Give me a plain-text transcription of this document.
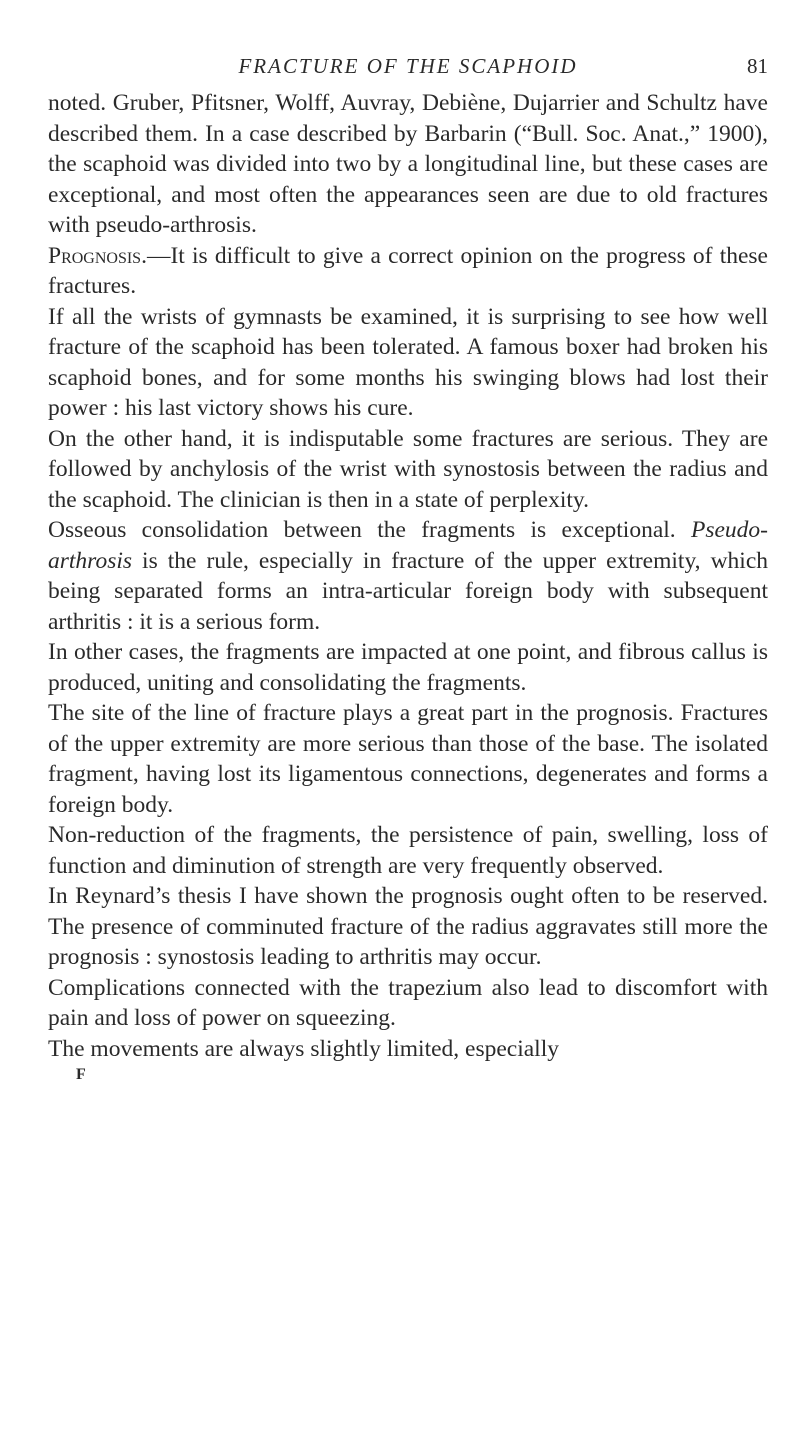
FRACTURE OF THE SCAPHOID	81

noted. Gruber, Pfitsner, Wolff, Auvray, Debiène, Dujarrier and Schultz have described them. In a case described by Barbarin (“Bull. Soc. Anat.,” 1900), the scaphoid was divided into two by a longitudinal line, but these cases are exceptional, and most often the appearances seen are due to old fractures with pseudo-arthrosis.

Prognosis.—It is difficult to give a correct opinion on the progress of these fractures.

If all the wrists of gymnasts be examined, it is surprising to see how well fracture of the scaphoid has been tolerated. A famous boxer had broken his scaphoid bones, and for some months his swinging blows had lost their power : his last victory shows his cure.

On the other hand, it is indisputable some fractures are serious. They are followed by anchylosis of the wrist with synostosis between the radius and the scaphoid. The clinician is then in a state of perplexity.

Osseous consolidation between the fragments is exceptional. Pseudo-arthrosis is the rule, especially in fracture of the upper extremity, which being separated forms an intra-articular foreign body with subsequent arthritis : it is a serious form.

In other cases, the fragments are impacted at one point, and fibrous callus is produced, uniting and consolidating the fragments.

The site of the line of fracture plays a great part in the prognosis. Fractures of the upper extremity are more serious than those of the base. The isolated fragment, having lost its ligamentous connections, degenerates and forms a foreign body.

Non-reduction of the fragments, the persistence of pain, swelling, loss of function and diminution of strength are very frequently observed.

In Reynard’s thesis I have shown the prognosis ought often to be reserved. The presence of comminuted fracture of the radius aggravates still more the prognosis : synostosis leading to arthritis may occur.

Complications connected with the trapezium also lead to discomfort with pain and loss of power on squeezing.

The movements are always slightly limited, especially

F
